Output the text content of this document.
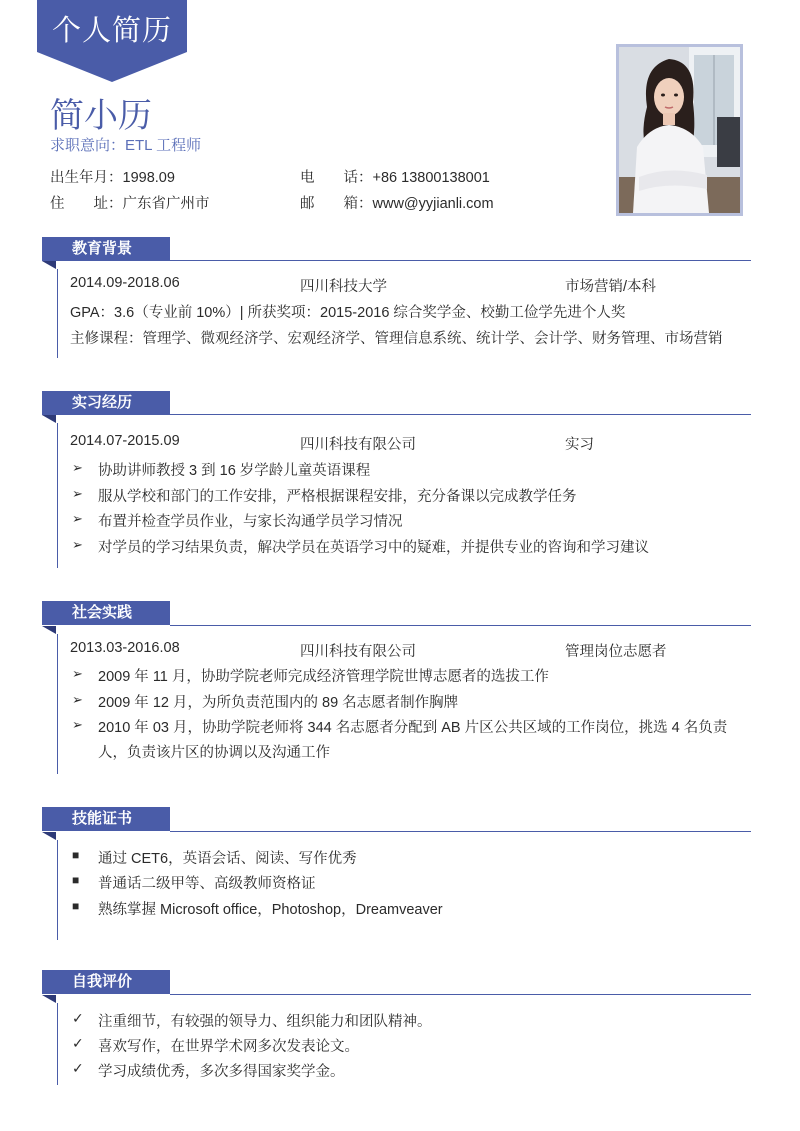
个人简历
简小历
求职意向：ETL 工程师
出生年月：1998.09
住　　址：广东省广州市
电　　话：+86 13800138001
邮　　箱：www@yyjianli.com
教育背景
2014.09-2018.06	四川科技大学	市场营销/本科
GPA：3.6（专业前 10%）| 所获奖项：2015-2016 综合奖学金、校勤工俭学先进个人奖
主修课程：管理学、微观经济学、宏观经济学、管理信息系统、统计学、会计学、财务管理、市场营销
实习经历
2014.07-2015.09	四川科技有限公司	实习
➢ 协助讲师教授 3 到 16 岁学龄儿童英语课程
➢ 服从学校和部门的工作安排，严格根据课程安排，充分备课以完成教学任务
➢ 布置并检查学员作业，与家长沟通学员学习情况
➢ 对学员的学习结果负责，解决学员在英语学习中的疑难，并提供专业的咨询和学习建议
社会实践
2013.03-2016.08	四川科技有限公司	管理岗位志愿者
➢ 2009 年 11 月，协助学院老师完成经济管理学院世博志愿者的选拔工作
➢ 2009 年 12 月，为所负责范围内的 89 名志愿者制作胸牌
➢ 2010 年 03 月，协助学院老师将 344 名志愿者分配到 AB 片区公共区域的工作岗位，挑选 4 名负责
人，负责该片区的协调以及沟通工作
技能证书
■ 通过 CET6，英语会话、阅读、写作优秀
■ 普通话二级甲等、高级教师资格证
■ 熟练掌握 Microsoft office，Photoshop，Dreamveaver
自我评价
✓ 注重细节，有较强的领导力、组织能力和团队精神。
✓ 喜欢写作，在世界学术网多次发表论文。
✓ 学习成绩优秀，多次多得国家奖学金。
